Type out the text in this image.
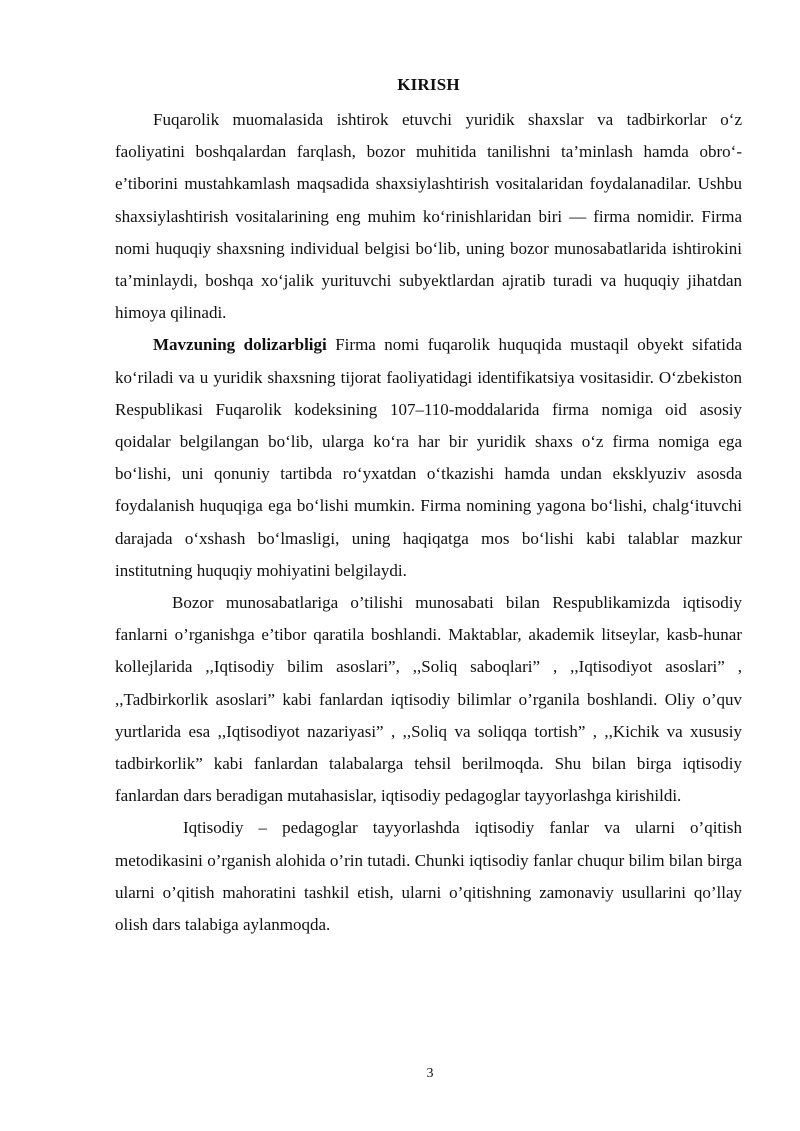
KIRISH

Fuqarolik muomalasida ishtirok etuvchi yuridik shaxslar va tadbirkorlar o‘z faoliyatini boshqalardan farqlash, bozor muhitida tanilishni ta’minlash hamda obro‘-e’tiborini mustahkamlash maqsadida shaxsiylashtirish vositalaridan foydalanadilar. Ushbu shaxsiylashtirish vositalarining eng muhim ko‘rinishlaridan biri — firma nomidir. Firma nomi huquqiy shaxsning individual belgisi bo‘lib, uning bozor munosabatlarida ishtirokini ta’minlaydi, boshqa xo‘jalik yurituvchi subyektlardan ajratib turadi va huquqiy jihatdan himoya qilinadi.

Mavzuning dolizarbligi Firma nomi fuqarolik huquqida mustaqil obyekt sifatida ko‘riladi va u yuridik shaxsning tijorat faoliyatidagi identifikatsiya vositasidir. O‘zbekiston Respublikasi Fuqarolik kodeksining 107–110-moddalarida firma nomiga oid asosiy qoidalar belgilangan bo‘lib, ularga ko‘ra har bir yuridik shaxs o‘z firma nomiga ega bo‘lishi, uni qonuniy tartibda ro‘yxatdan o‘tkazishi hamda undan eksklyuziv asosda foydalanish huquqiga ega bo‘lishi mumkin. Firma nomining yagona bo‘lishi, chalg‘ituvchi darajada o‘xshash bo‘lmasligi, uning haqiqatga mos bo‘lishi kabi talablar mazkur institutning huquqiy mohiyatini belgilaydi.

Bozor munosabatlariga o’tilishi munosabati bilan Respublikamizda iqtisodiy fanlarni o’rganishga e’tibor qaratila boshlandi. Maktablar, akademik litseylar, kasb-hunar kollejlarida ,,Iqtisodiy bilim asoslari”, ,,Soliq saboqlari” , ,,Iqtisodiyot asoslari” , ,,Tadbirkorlik asoslari” kabi fanlardan iqtisodiy bilimlar o’rganila boshlandi. Oliy o’quv yurtlarida esa ,,Iqtisodiyot nazariyasi” , ,,Soliq va soliqqa tortish” , ,,Kichik va xususiy tadbirkorlik” kabi fanlardan talabalarga tehsil berilmoqda. Shu bilan birga iqtisodiy fanlardan dars beradigan mutahasislar, iqtisodiy pedagoglar tayyorlashga kirishildi.

Iqtisodiy – pedagoglar tayyorlashda iqtisodiy fanlar va ularni o’qitish metodikasini o’rganish alohida o’rin tutadi. Chunki iqtisodiy fanlar chuqur bilim bilan birga ularni o’qitish mahoratini tashkil etish, ularni o’qitishning zamonaviy usullarini qo’llay olish dars talabiga aylanmoqda.

3
